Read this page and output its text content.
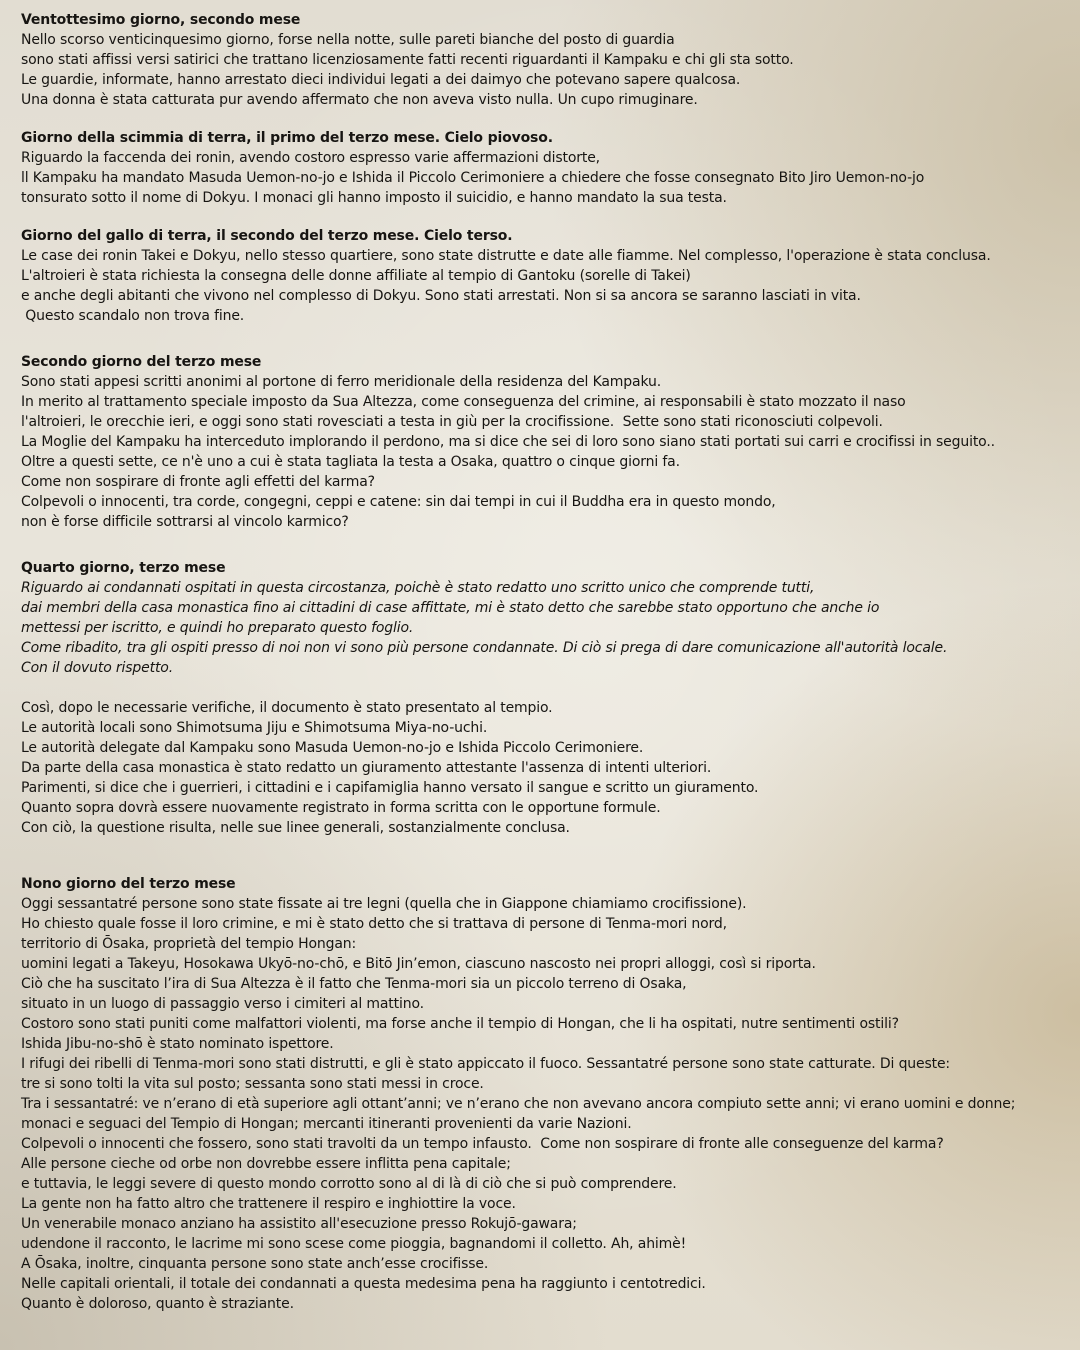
Ventottesimo giorno, secondo mese
Nello scorso venticinquesimo giorno, forse nella notte, sulle pareti bianche del posto di guardia
sono stati affissi versi satirici che trattano licenziosamente fatti recenti riguardanti il Kampaku e chi gli sta sotto.
Le guardie, informate, hanno arrestato dieci individui legati a dei daimyo che potevano sapere qualcosa.
Una donna è stata catturata pur avendo affermato che non aveva visto nulla. Un cupo rimuginare.
Giorno della scimmia di terra, il primo del terzo mese. Cielo piovoso.
Riguardo la faccenda dei ronin, avendo costoro espresso varie affermazioni distorte,
ll Kampaku ha mandato Masuda Uemon-no-jo e Ishida il Piccolo Cerimoniere a chiedere che fosse consegnato Bito Jiro Uemon-no-jo
tonsurato sotto il nome di Dokyu. I monaci gli hanno imposto il suicidio, e hanno mandato la sua testa.
Giorno del gallo di terra, il secondo del terzo mese. Cielo terso.
Le case dei ronin Takei e Dokyu, nello stesso quartiere, sono state distrutte e date alle fiamme. Nel complesso, l'operazione è stata conclusa.
L'altroieri è stata richiesta la consegna delle donne affiliate al tempio di Gantoku (sorelle di Takei)
e anche degli abitanti che vivono nel complesso di Dokyu. Sono stati arrestati. Non si sa ancora se saranno lasciati in vita.
Questo scandalo non trova fine.
Secondo giorno del terzo mese
Sono stati appesi scritti anonimi al portone di ferro meridionale della residenza del Kampaku.
In merito al trattamento speciale imposto da Sua Altezza, come conseguenza del crimine, ai responsabili è stato mozzato il naso
l'altroieri, le orecchie ieri, e oggi sono stati rovesciati a testa in giù per la crocifissione.  Sette sono stati riconosciuti colpevoli.
La Moglie del Kampaku ha interceduto implorando il perdono, ma si dice che sei di loro sono siano stati portati sui carri e crocifissi in seguito..
Oltre a questi sette, ce n'è uno a cui è stata tagliata la testa a Osaka, quattro o cinque giorni fa.
Come non sospirare di fronte agli effetti del karma?
Colpevoli o innocenti, tra corde, congegni, ceppi e catene: sin dai tempi in cui il Buddha era in questo mondo,
non è forse difficile sottrarsi al vincolo karmico?
Quarto giorno, terzo mese
Riguardo ai condannati ospitati in questa circostanza, poichè è stato redatto uno scritto unico che comprende tutti,
dai membri della casa monastica fino ai cittadini di case affittate, mi è stato detto che sarebbe stato opportuno che anche io
mettessi per iscritto, e quindi ho preparato questo foglio.
Come ribadito, tra gli ospiti presso di noi non vi sono più persone condannate. Di ciò si prega di dare comunicazione all'autorità locale.
Con il dovuto rispetto.
Così, dopo le necessarie verifiche, il documento è stato presentato al tempio.
Le autorità locali sono Shimotsuma Jiju e Shimotsuma Miya-no-uchi.
Le autorità delegate dal Kampaku sono Masuda Uemon-no-jo e Ishida Piccolo Cerimoniere.
Da parte della casa monastica è stato redatto un giuramento attestante l'assenza di intenti ulteriori.
Parimenti, si dice che i guerrieri, i cittadini e i capifamiglia hanno versato il sangue e scritto un giuramento.
Quanto sopra dovrà essere nuovamente registrato in forma scritta con le opportune formule.
Con ciò, la questione risulta, nelle sue linee generali, sostanzialmente conclusa.
Nono giorno del terzo mese
Oggi sessantatré persone sono state fissate ai tre legni (quella che in Giappone chiamiamo crocifissione).
Ho chiesto quale fosse il loro crimine, e mi è stato detto che si trattava di persone di Tenma-mori nord,
territorio di Ōsaka, proprietà del tempio Hongan:
uomini legati a Takeyu, Hosokawa Ukyō-no-chō, e Bitō Jin’emon, ciascuno nascosto nei propri alloggi, così si riporta.
Ciò che ha suscitato l’ira di Sua Altezza è il fatto che Tenma-mori sia un piccolo terreno di Osaka,
situato in un luogo di passaggio verso i cimiteri al mattino.
Costoro sono stati puniti come malfattori violenti, ma forse anche il tempio di Hongan, che li ha ospitati, nutre sentimenti ostili?
Ishida Jibu-no-shō è stato nominato ispettore.
I rifugi dei ribelli di Tenma-mori sono stati distrutti, e gli è stato appiccato il fuoco. Sessantatré persone sono state catturate. Di queste:
tre si sono tolti la vita sul posto; sessanta sono stati messi in croce.
Tra i sessantatré: ve n’erano di età superiore agli ottant’anni; ve n’erano che non avevano ancora compiuto sette anni; vi erano uomini e donne;
monaci e seguaci del Tempio di Hongan; mercanti itineranti provenienti da varie Nazioni.
Colpevoli o innocenti che fossero, sono stati travolti da un tempo infausto.  Come non sospirare di fronte alle conseguenze del karma?
Alle persone cieche od orbe non dovrebbe essere inflitta pena capitale;
e tuttavia, le leggi severe di questo mondo corrotto sono al di là di ciò che si può comprendere.
La gente non ha fatto altro che trattenere il respiro e inghiottire la voce.
Un venerabile monaco anziano ha assistito all'esecuzione presso Rokujō-gawara;
udendone il racconto, le lacrime mi sono scese come pioggia, bagnandomi il colletto. Ah, ahimè!
A Ōsaka, inoltre, cinquanta persone sono state anch’esse crocifisse.
Nelle capitali orientali, il totale dei condannati a questa medesima pena ha raggiunto i centotredici.
Quanto è doloroso, quanto è straziante.
